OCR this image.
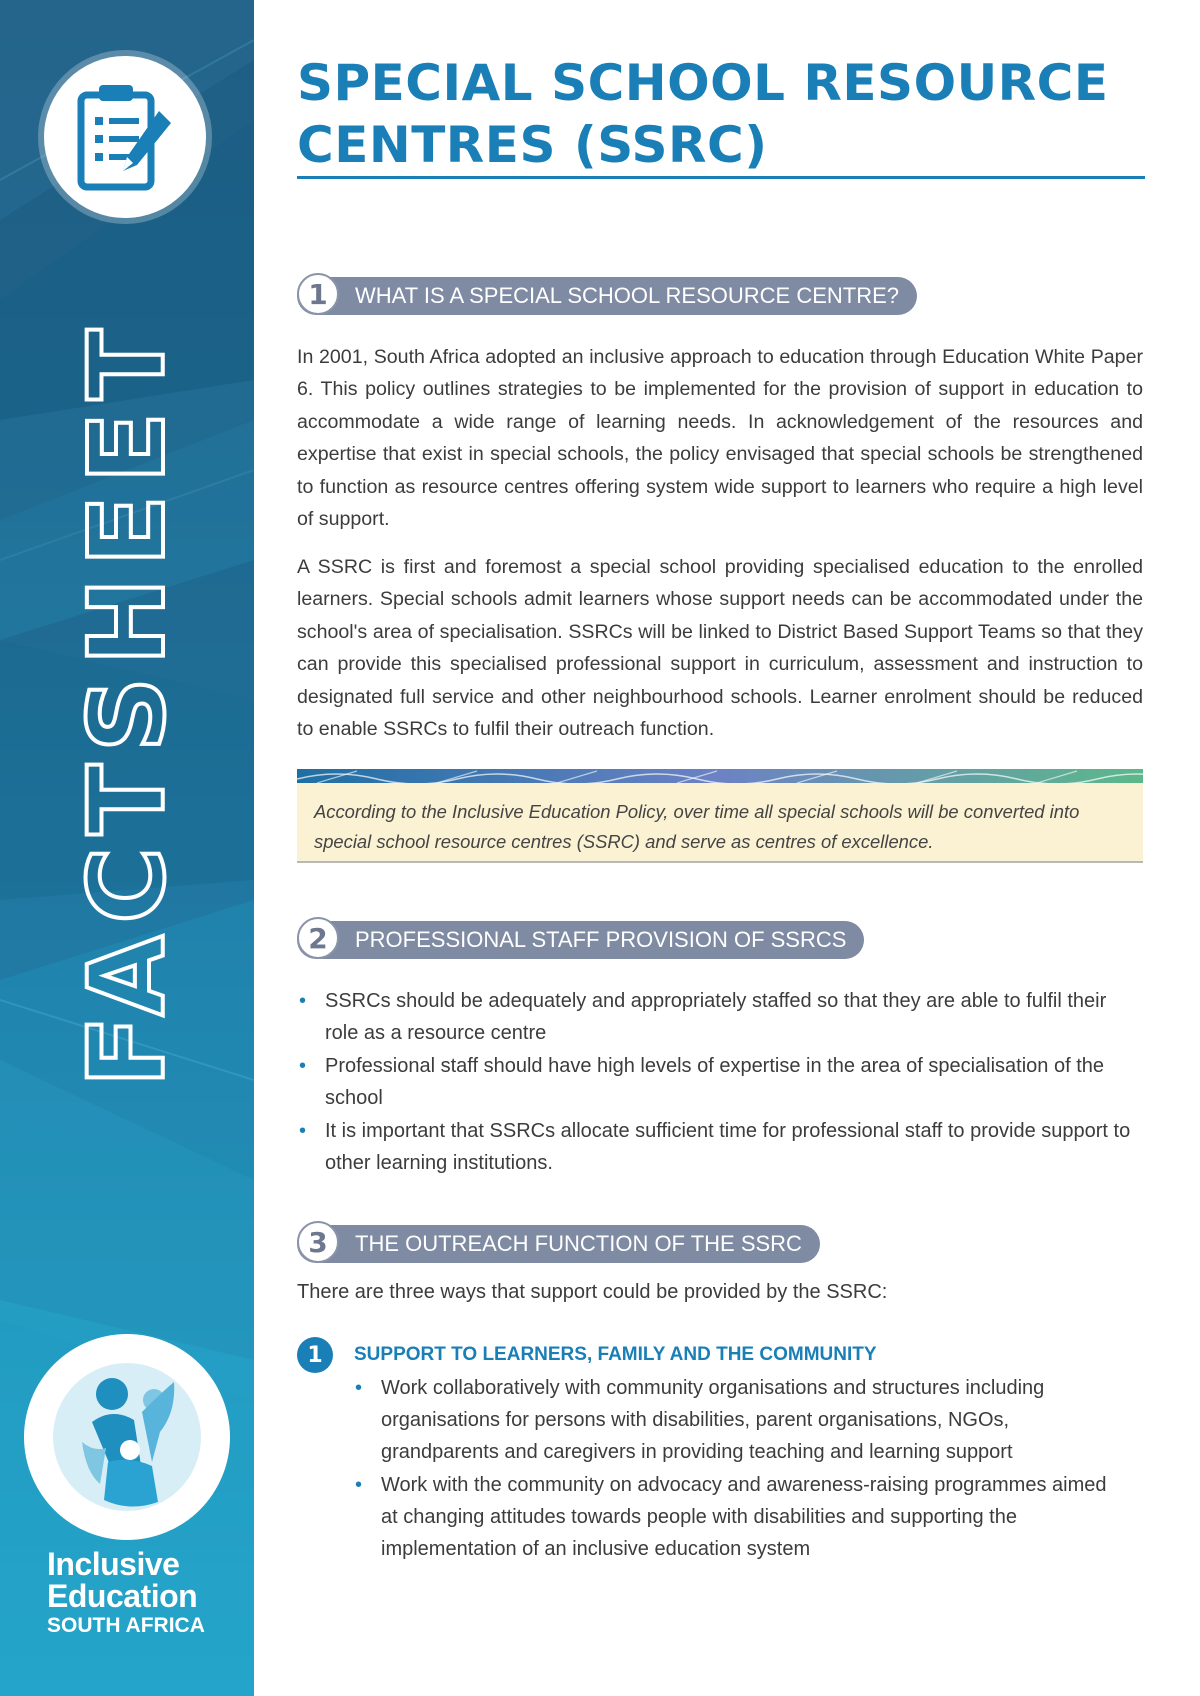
FACTSHEET
Inclusive
Education
SOUTH AFRICA
SPECIAL SCHOOL RESOURCE
CENTRES (SSRC)
1	WHAT IS A SPECIAL SCHOOL RESOURCE CENTRE?

In 2001, South Africa adopted an inclusive approach to education through Education White Paper 6. This policy outlines strategies to be implemented for the provision of support in education to accommodate a wide range of learning needs. In acknowledgement of the resources and expertise that exist in special schools, the policy envisaged that special schools be strengthened to function as resource centres offering system wide support to learners who require a high level of support.

A SSRC is first and foremost a special school providing specialised education to the enrolled learners. Special schools admit learners whose support needs can be accommodated under the school's area of specialisation. SSRCs will be linked to District Based Support Teams so that they can provide this specialised professional support in curriculum, assessment and instruction to designated full service and other neighbourhood schools. Learner enrolment should be reduced to enable SSRCs to fulfil their outreach function.

According to the Inclusive Education Policy, over time all special schools will be converted into special school resource centres (SSRC) and serve as centres of excellence.

2	PROFESSIONAL STAFF PROVISION OF SSRCS
• SSRCs should be adequately and appropriately staffed so that they are able to fulfil their role as a resource centre
• Professional staff should have high levels of expertise in the area of specialisation of the school
• It is important that SSRCs allocate sufficient time for professional staff to provide support to other learning institutions.
3	THE OUTREACH FUNCTION OF THE SSRC

There are three ways that support could be provided by the SSRC:

1	SUPPORT TO LEARNERS, FAMILY AND THE COMMUNITY
• Work collaboratively with community organisations and structures including organisations for persons with disabilities, parent organisations, NGOs, grandparents and caregivers in providing teaching and learning support
• Work with the community on advocacy and awareness-raising programmes aimed at changing attitudes towards people with disabilities and supporting the implementation of an inclusive education system
